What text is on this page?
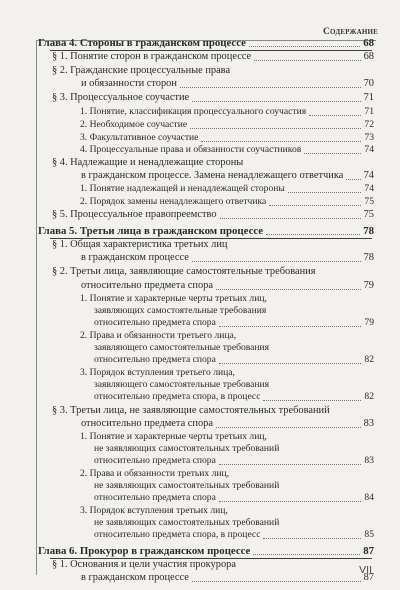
Содержание
Глава 4. Стороны в гражданском процессе	68
§ 1. Понятие сторон в гражданском процессе	68
§ 2. Гражданские процессуальные права
и обязанности сторон	70
§ 3. Процессуальное соучастие	71
1. Понятие, классификация процессуального соучастия	71
2. Необходимое соучастие	72
3. Факультативное соучастие	73
4. Процессуальные права и обязанности соучастников	74
§ 4. Надлежащие и ненадлежащие стороны
в гражданском процессе. Замена ненадлежащего ответчика 74
1. Понятие надлежащей и ненадлежащей стороны	74
2. Порядок замены ненадлежащего ответчика	75
§ 5. Процессуальное правопреемство	75
Глава 5. Третьи лица в гражданском процессе	78
§ 1. Общая характеристика третьих лиц
в гражданском процессе	78
§ 2. Третьи лица, заявляющие самостоятельные требования
относительно предмета спора	79
1. Понятие и характерные черты третьих лиц,
заявляющих самостоятельные требования
относительно предмета спора	79
2. Права и обязанности третьего лица,
заявляющего самостоятельные требования
относительно предмета спора	82
3. Порядок вступления третьего лица,
заявляющего самостоятельные требования
относительно предмета спора, в процесс	82
§ 3. Третьи лица, не заявляющие самостоятельных требований
относительно предмета спора	83
1. Понятие и характерные черты третьих лиц,
не заявляющих самостоятельных требований
относительно предмета спора	83
2. Права и обязанности третьих лиц,
не заявляющих самостоятельных требований
относительно предмета спора	84
3. Порядок вступления третьих лиц,
не заявляющих самостоятельных требований
относительно предмета спора, в процесс	85
Глава 6. Прокурор в гражданском процессе	87
§ 1. Основания и цели участия прокурора
в гражданском процессе	87
VII
